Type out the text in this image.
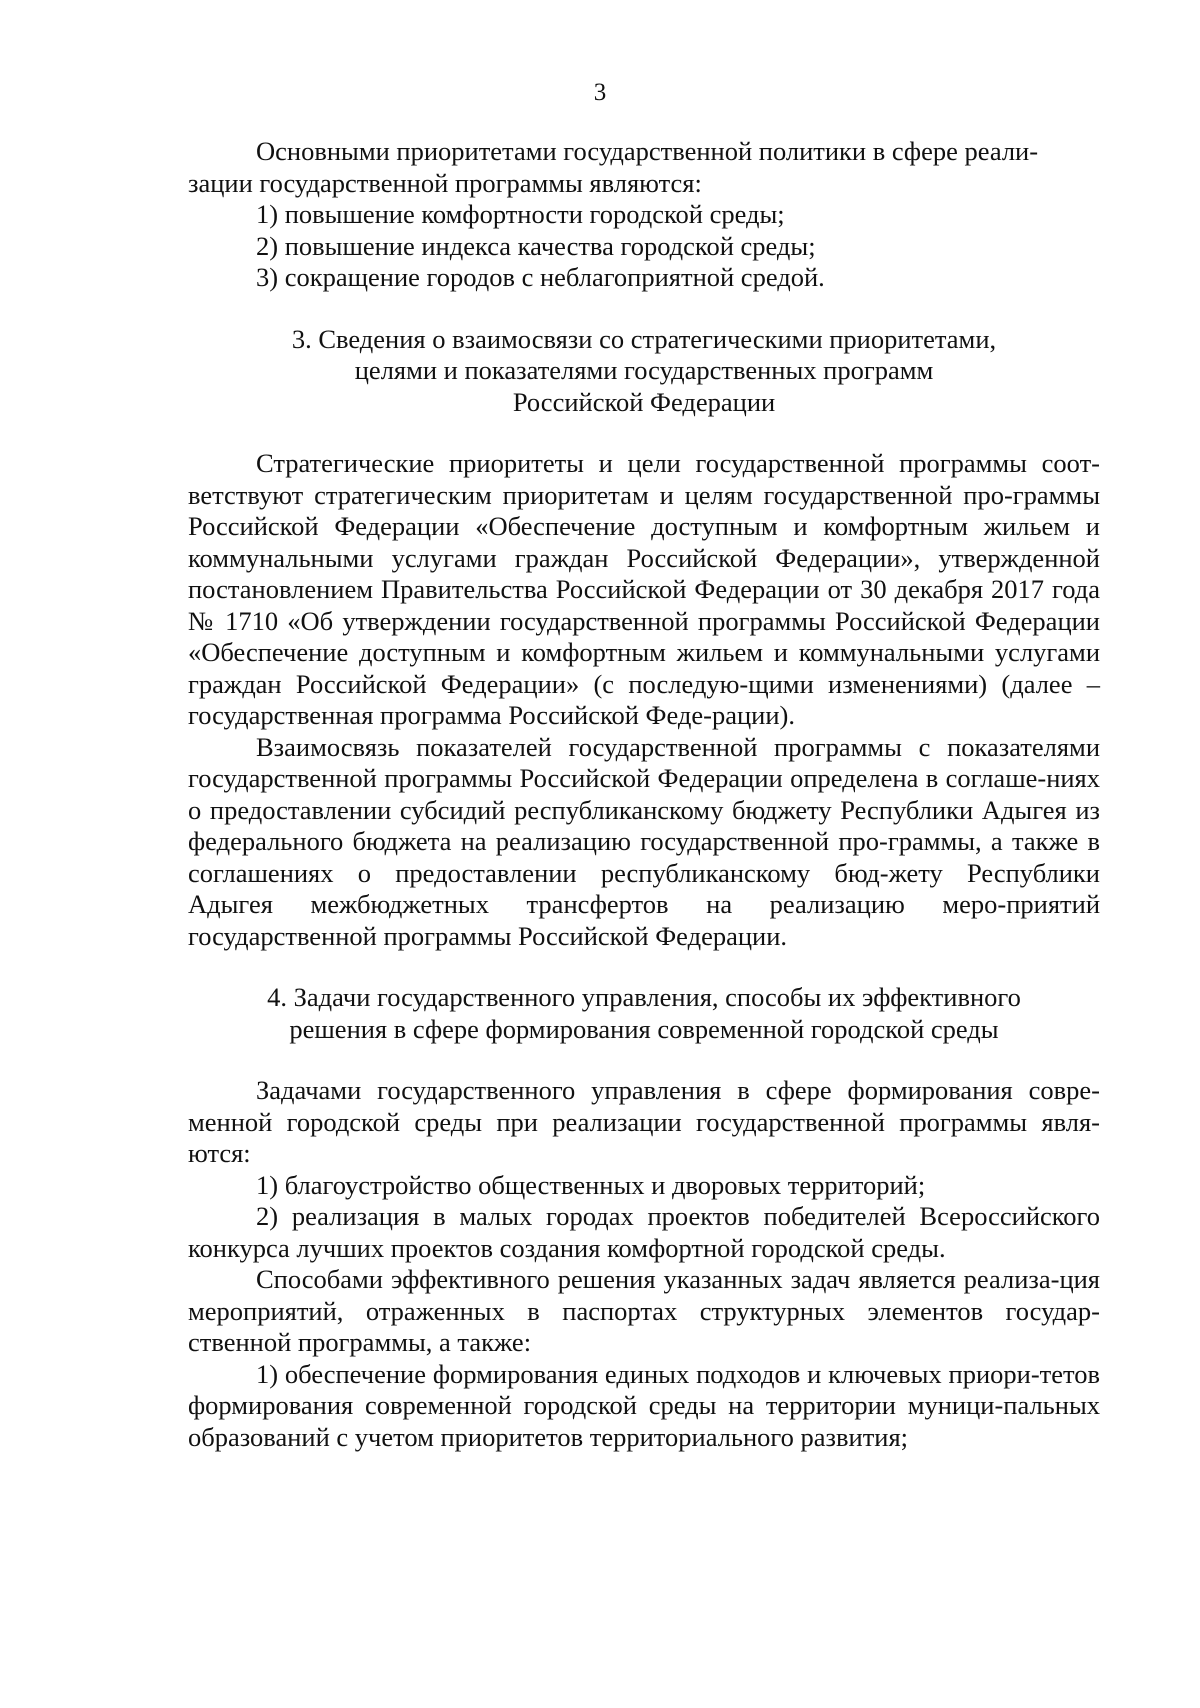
3

Основными приоритетами государственной политики в сфере реали-
зации государственной программы являются:

1) повышение комфортности городской среды;

2) повышение индекса качества городской среды;

3) сокращение городов с неблагоприятной средой.

3. Сведения о взаимосвязи со стратегическими приоритетами,
целями и показателями государственных программ
Российской Федерации

Стратегические приоритеты и цели государственной программы соот-ветствуют стратегическим приоритетам и целям государственной про-граммы Российской Федерации «Обеспечение доступным и комфортным жильем и коммунальными услугами граждан Российской Федерации», утвержденной постановлением Правительства Российской Федерации от 30 декабря 2017 года № 1710 «Об утверждении государственной программы Российской Федерации «Обеспечение доступным и комфортным жильем и коммунальными услугами граждан Российской Федерации» (с последую-щими изменениями) (далее – государственная программа Российской Феде-рации).

Взаимосвязь показателей государственной программы с показателями государственной программы Российской Федерации определена в соглаше-ниях о предоставлении субсидий республиканскому бюджету Республики Адыгея из федерального бюджета на реализацию государственной про-граммы, а также в соглашениях о предоставлении республиканскому бюд-жету Республики Адыгея межбюджетных трансфертов на реализацию меро-приятий государственной программы Российской Федерации.

4. Задачи государственного управления, способы их эффективного
решения в сфере формирования современной городской среды

Задачами государственного управления в сфере формирования совре-менной городской среды при реализации государственной программы явля-ются:

1) благоустройство общественных и дворовых территорий;

2) реализация в малых городах проектов победителей Всероссийского конкурса лучших проектов создания комфортной городской среды.

Способами эффективного решения указанных задач является реализа-ция мероприятий, отраженных в паспортах структурных элементов государ-ственной программы, а также:

1) обеспечение формирования единых подходов и ключевых приори-тетов формирования современной городской среды на территории муници-пальных образований с учетом приоритетов территориального развития;
